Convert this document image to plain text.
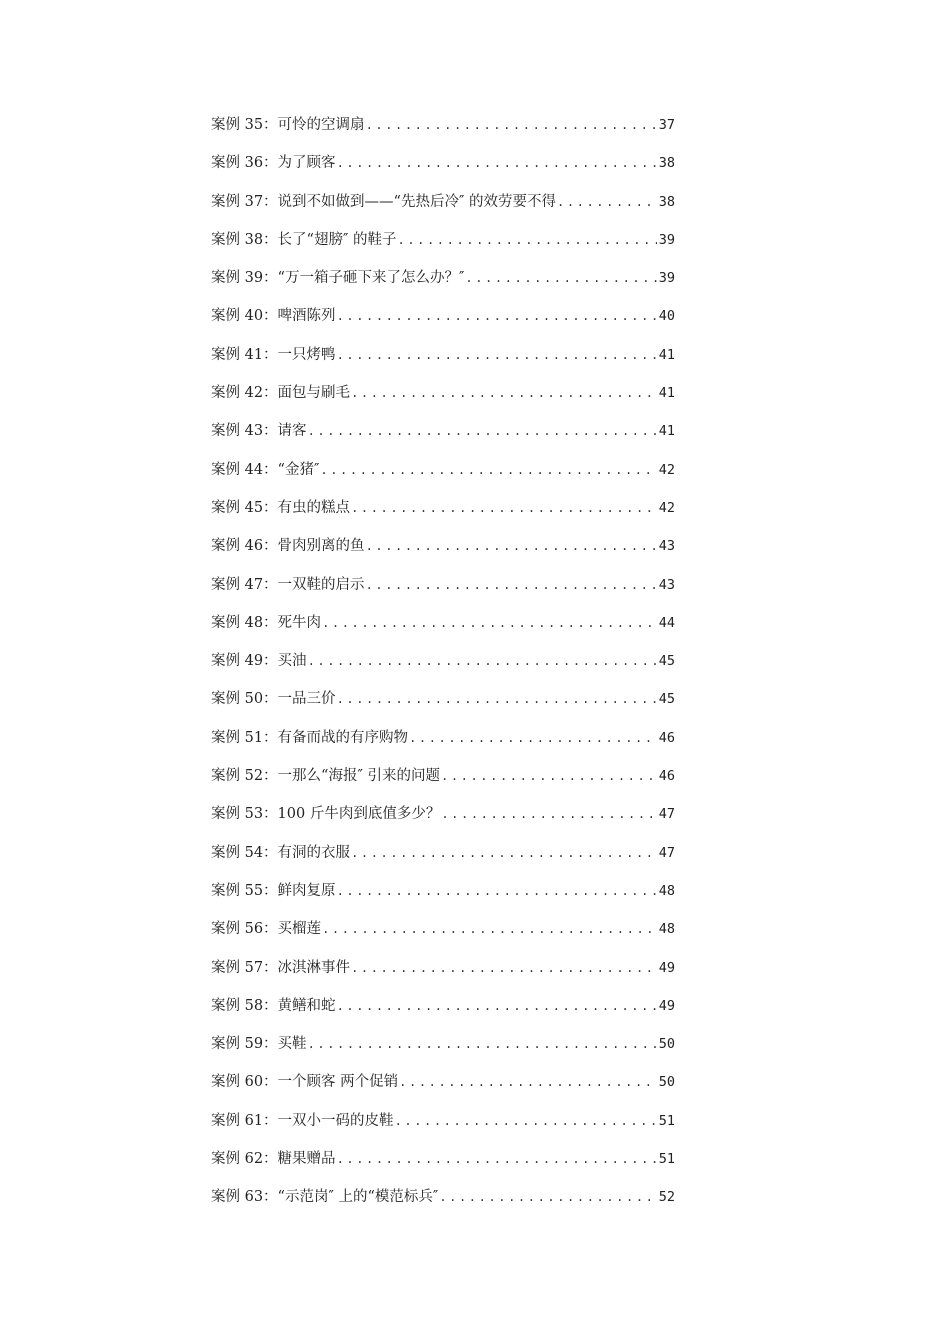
案例 35：可怜的空调扇 .....	37
案例 36：为了顾客 .....	38
案例 37：说到不如做到——“先热后冷″ 的效劳要不得 .....	38
案例 38：长了“翅膀″ 的鞋子 .....	39
案例 39：“万一箱子砸下来了怎么办？″ .....	39
案例 40：啤酒陈列 .....	40
案例 41：一只烤鸭 .....	41
案例 42：面包与刷毛 .....	41
案例 43：请客 .....	41
案例 44：“金猪″ .....	42
案例 45：有虫的糕点 .....	42
案例 46：骨肉别离的鱼 .....	43
案例 47：一双鞋的启示 .....	43
案例 48：死牛肉 .....	44
案例 49：买油 .....	45
案例 50：一品三价 .....	45
案例 51：有备而战的有序购物 .....	46
案例 52：一那么“海报″ 引来的问题 .....	46
案例 53：100 斤牛肉到底值多少？ .....	47
案例 54：有洞的衣服 .....	47
案例 55：鲜肉复原 .....	48
案例 56：买榴莲 .....	48
案例 57：冰淇淋事件 .....	49
案例 58：黄鳝和蛇 .....	49
案例 59：买鞋 .....	50
案例 60：一个顾客 两个促销 .....	50
案例 61：一双小一码的皮鞋 .....	51
案例 62：糖果赠品 .....	51
案例 63：“示范岗″ 上的“模范标兵″ .....	52
